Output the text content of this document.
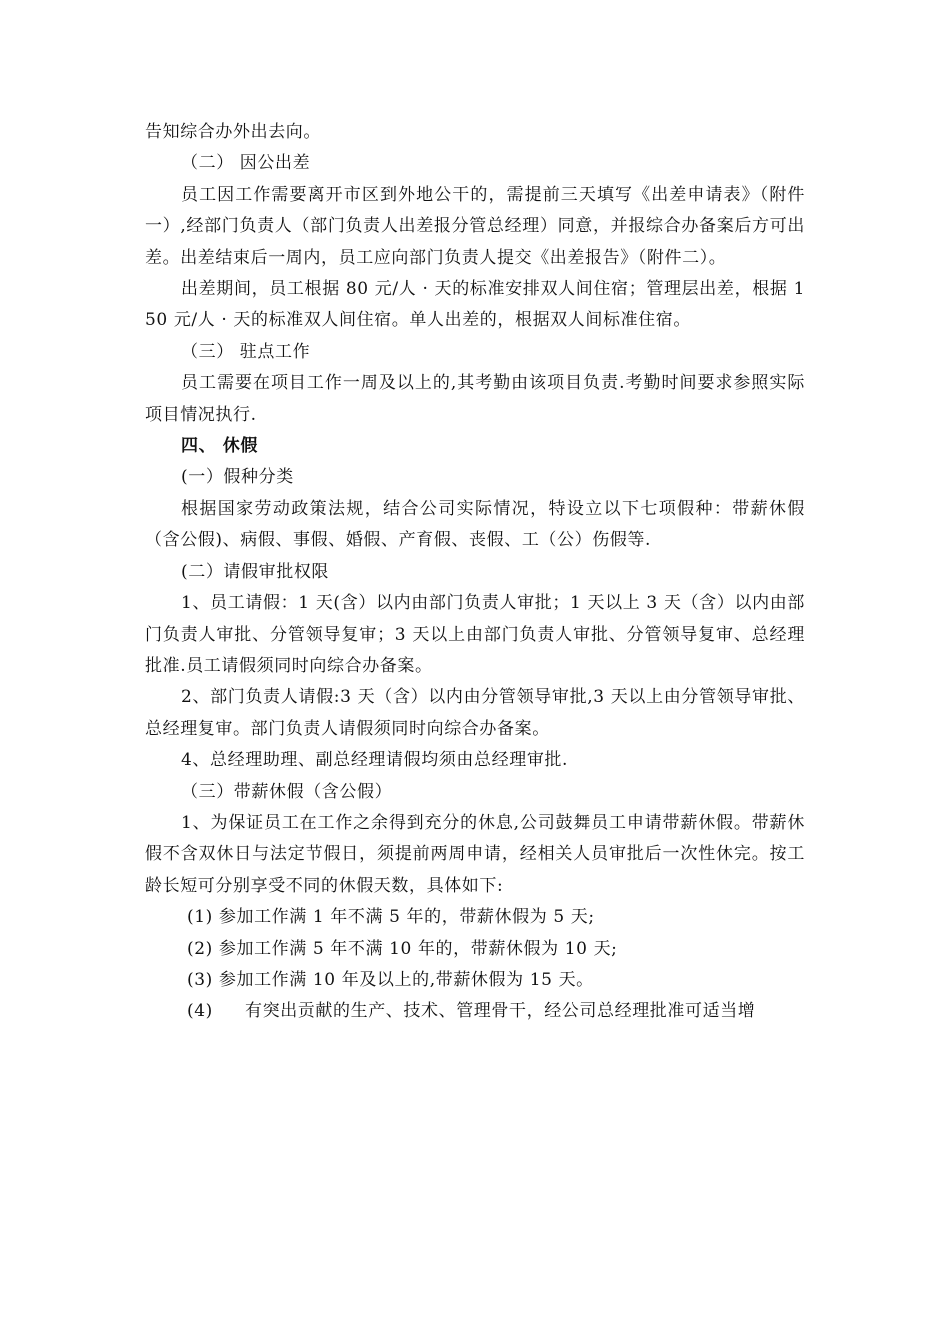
告知综合办外出去向。

（二） 因公出差

员工因工作需要离开市区到外地公干的，需提前三天填写《出差申请表》（附件一）,经部门负责人（部门负责人出差报分管总经理）同意，并报综合办备案后方可出差。出差结束后一周内，员工应向部门负责人提交《出差报告》（附件二）。

出差期间，员工根据 80 元/人 · 天的标准安排双人间住宿；管理层出差，根据 150 元/人 · 天的标准双人间住宿。单人出差的，根据双人间标准住宿。

（三） 驻点工作

员工需要在项目工作一周及以上的,其考勤由该项目负责.考勤时间要求参照实际项目情况执行.

四、 休假

(一）假种分类

根据国家劳动政策法规，结合公司实际情况，特设立以下七项假种：带薪休假（含公假)、病假、事假、婚假、产育假、丧假、工（公）伤假等.

(二）请假审批权限

1、员工请假：1 天(含）以内由部门负责人审批；1 天以上 3 天（含）以内由部门负责人审批、分管领导复审；3 天以上由部门负责人审批、分管领导复审、总经理批准.员工请假须同时向综合办备案。

2、部门负责人请假:3 天（含）以内由分管领导审批,3 天以上由分管领导审批、总经理复审。部门负责人请假须同时向综合办备案。

4、总经理助理、副总经理请假均须由总经理审批.

（三）带薪休假（含公假）

1、为保证员工在工作之余得到充分的休息,公司鼓舞员工申请带薪休假。带薪休假不含双休日与法定节假日，须提前两周申请，经相关人员审批后一次性休完。按工龄长短可分别享受不同的休假天数，具体如下:

(1) 参加工作满 1 年不满 5 年的，带薪休假为 5 天;

(2) 参加工作满 5 年不满 10 年的，带薪休假为 10 天;

(3) 参加工作满 10 年及以上的,带薪休假为 15 天。

(4) 有突出贡献的生产、技术、管理骨干，经公司总经理批准可适当增
